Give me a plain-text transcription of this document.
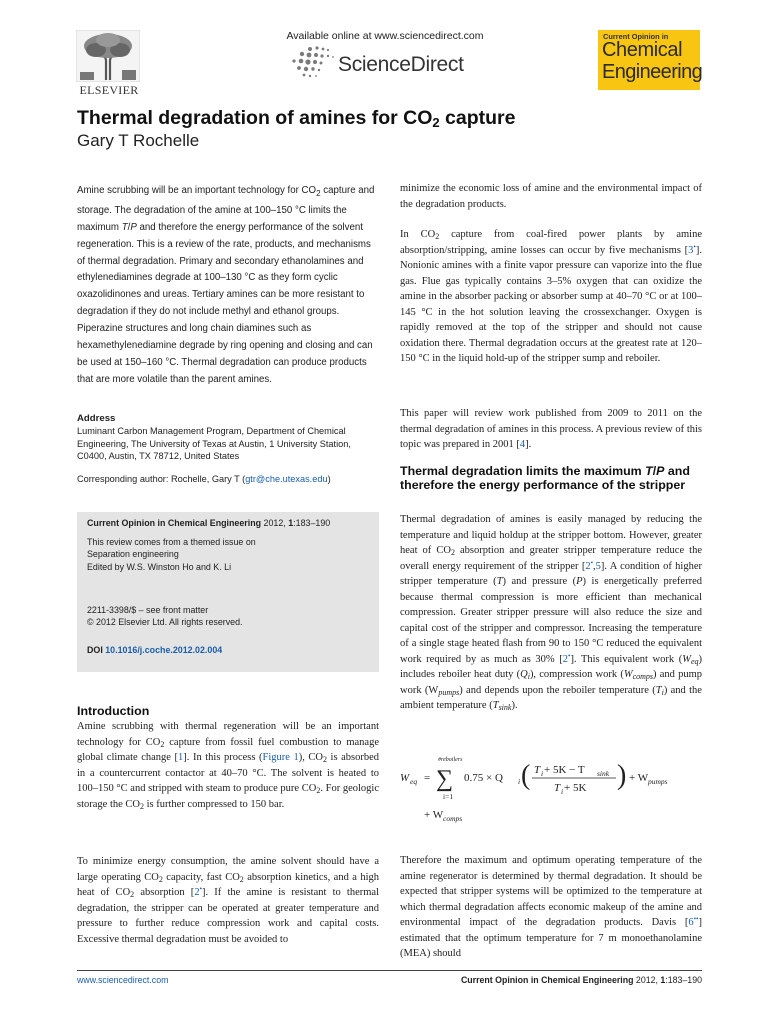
ELSEVIER
Available online at www.sciencedirect.com
ScienceDirect
Current Opinion in
Chemical
Engineering
Thermal degradation of amines for $CO_2$ capture
Gary T Rochelle

Amine scrubbing will be an important technology for $CO_2$ capture and storage. The degradation of the amine at 100–150 °C limits the maximum T/P and therefore the energy performance of the solvent regeneration. This is a review of the rate, products, and mechanisms of thermal degradation. Primary and secondary ethanolamines and ethylenediamines degrade at 100–130 °C as they form cyclic oxazolidinones and ureas. Tertiary amines can be more resistant to degradation if they do not include methyl and ethanol groups. Piperazine structures and long chain diamines such as hexamethylenediamine degrade by ring opening and closing and can be used at 150–160 °C. Thermal degradation can produce products that are more volatile than the parent amines.

Address

Luminant Carbon Management Program, Department of Chemical Engineering, The University of Texas at Austin, 1 University Station, C0400, Austin, TX 78712, United States

Corresponding author: Rochelle, Gary T (gtr@che.utexas.edu)

Current Opinion in Chemical Engineering 2012, 1:183–190

This review comes from a themed issue on
Separation engineering
Edited by W.S. Winston Ho and K. Li

2211-3398/$ – see front matter
© 2012 Elsevier Ltd. All rights reserved.

DOI 10.1016/j.coche.2012.02.004

Introduction

Amine scrubbing with thermal regeneration will be an important technology for $CO_2$ capture from fossil fuel combustion to manage global climate change [1]. In this process (Figure 1), $CO_2$ is absorbed in a countercurrent contactor at 40–70 °C. The solvent is heated to 100–150 °C and stripped with steam to produce pure $CO_2$. For geologic storage the $CO_2$ is further compressed to 150 bar.

To minimize energy consumption, the amine solvent should have a large operating $CO_2$ capacity, fast $CO_2$ absorption kinetics, and a high heat of $CO_2$ absorption [2•]. If the amine is resistant to thermal degradation, the stripper can be operated at greater temperature and pressure to further reduce compression work and capital costs. Excessive thermal degradation must be avoided to

minimize the economic loss of amine and the environmental impact of the degradation products.

In $CO_2$ capture from coal-fired power plants by amine absorption/stripping, amine losses can occur by five mechanisms [3•]. Nonionic amines with a finite vapor pressure can vaporize into the flue gas. Flue gas typically contains 3–5% oxygen that can oxidize the amine in the absorber packing or absorber sump at 40–70 °C or at 100–145 °C in the hot solution leaving the crossexchanger. Oxygen is rapidly removed at the top of the stripper and should not cause oxidation there. Thermal degradation occurs at the greatest rate at 120–150 °C in the liquid hold-up of the stripper sump and reboiler.

This paper will review work published from 2009 to 2011 on the thermal degradation of amines in this process. A previous review of this topic was prepared in 2001 [4].

Thermal degradation limits the maximum T/P and therefore the energy performance of the stripper

Thermal degradation of amines is easily managed by reducing the temperature and liquid holdup at the stripper bottom. However, greater heat of $CO_2$ absorption and greater stripper temperature reduce the overall energy requirement of the stripper [2•,5]. A condition of higher stripper temperature (T) and pressure (P) is energetically preferred because thermal compression is more efficient than mechanical compression. Greater stripper pressure will also reduce the size and capital cost of the stripper and compressor. Increasing the temperature of a single stage heated flash from 90 to 150 °C reduced the equivalent work required by as much as 30% [2•]. This equivalent work $(W_{eq})$ includes reboiler heat duty $(Q_i)$, compression work $(W_{comps})$ and pump work $(W_{pumps})$ and depends upon the reboiler temperature $(T_i)$ and the ambient temperature $(T_{sink})$.

W eq =
#reboilers
∑
i=1
0.75 × Q i ( T i + 5K − T sink
T i + 5K ) + W pumps
+ W comps

Therefore the maximum and optimum operating temperature of the amine regenerator is determined by thermal degradation. It should be expected that stripper systems will be optimized to the temperature at which thermal degradation affects economic makeup of the amine and environmental impact of the degradation products. Davis [6••] estimated that the optimum temperature for 7 m monoethanolamine (MEA) should

www.sciencedirect.com	Current Opinion in Chemical Engineering 2012, 1:183–190
